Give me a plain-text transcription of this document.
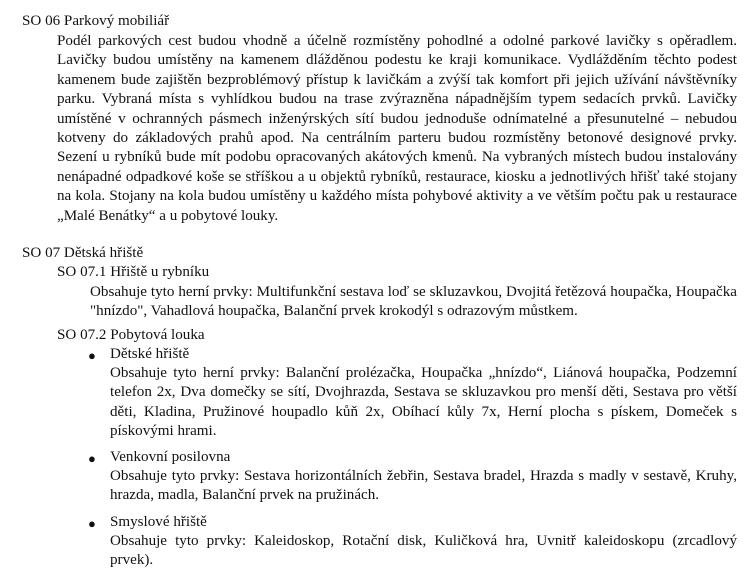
SO 06 Parkový mobiliář
Podél parkových cest budou vhodně a účelně rozmístěny pohodlné a odolné parkové lavičky s opěradlem. Lavičky budou umístěny na kamenem dlážděnou podestu ke kraji komunikace. Vydlážděním těchto podest kamenem bude zajištěn bezproblémový přístup k lavičkám a zvýší tak komfort při jejich užívání návštěvníky parku. Vybraná místa s vyhlídkou budou na trase zvýrazněna nápadnějším typem sedacích prvků. Lavičky umístěné v ochranných pásmech inženýrských sítí budou jednoduše odnímatelné a přesunutelné – nebudou kotveny do základových prahů apod. Na centrálním parteru budou rozmístěny betonové designové prvky. Sezení u rybníků bude mít podobu opracovaných akátových kmenů. Na vybraných místech budou instalovány nenápadné odpadkové koše se stříškou a u objektů rybníků, restaurace, kiosku a jednotlivých hřišť také stojany na kola. Stojany na kola budou umístěny u každého místa pohybové aktivity a ve větším počtu pak u restaurace „Malé Benátky“ a u pobytové louky.
SO 07 Dětská hřiště
SO 07.1 Hřiště u rybníku
Obsahuje tyto herní prvky: Multifunkční sestava loď se skluzavkou, Dvojitá řetězová houpačka, Houpačka "hnízdo", Vahadlová houpačka, Balanční prvek krokodýl s odrazovým můstkem.
SO 07.2 Pobytová louka
● Dětské hřiště
Obsahuje tyto herní prvky: Balanční prolézačka, Houpačka „hnízdo“, Liánová houpačka, Podzemní telefon 2x, Dva domečky se sítí, Dvojhrazda, Sestava se skluzavkou pro menší děti, Sestava pro větší děti, Kladina, Pružinové houpadlo kůň 2x, Obíhací kůly 7x, Herní plocha s pískem, Domeček s pískovými hrami.
● Venkovní posilovna
Obsahuje tyto prvky: Sestava horizontálních žebřin, Sestava bradel, Hrazda s madly v sestavě, Kruhy, hrazda, madla, Balanční prvek na pružinách.
● Smyslové hřiště
Obsahuje tyto prvky: Kaleidoskop, Rotační disk, Kuličková hra, Uvnitř kaleidoskopu (zrcadlový prvek).
